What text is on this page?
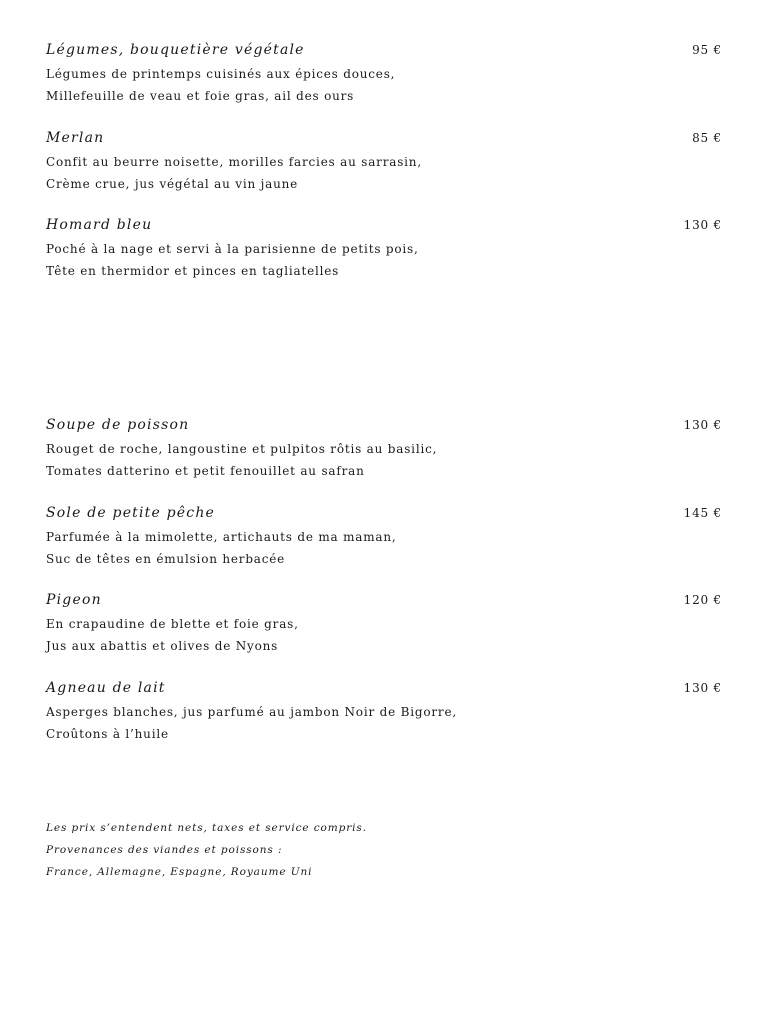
Légumes, bouquetière végétale	95 €
Légumes de printemps cuisinés aux épices douces,
Millefeuille de veau et foie gras, ail des ours
Merlan	85 €
Confit au beurre noisette, morilles farcies au sarrasin,
Crème crue, jus végétal au vin jaune
Homard bleu	130 €
Poché à la nage et servi à la parisienne de petits pois,
Tête en thermidor et pinces en tagliatelles
Soupe de poisson	130 €
Rouget de roche, langoustine et pulpitos rôtis au basilic,
Tomates datterino et petit fenouillet au safran
Sole de petite pêche	145 €
Parfumée à la mimolette, artichauts de ma maman,
Suc de têtes en émulsion herbacée
Pigeon	120 €
En crapaudine de blette et foie gras,
Jus aux abattis et olives de Nyons
Agneau de lait	130 €
Asperges blanches, jus parfumé au jambon Noir de Bigorre,
Croûtons à l’huile
Les prix s’entendent nets, taxes et service compris.
Provenances des viandes et poissons :
France, Allemagne, Espagne, Royaume Uni
